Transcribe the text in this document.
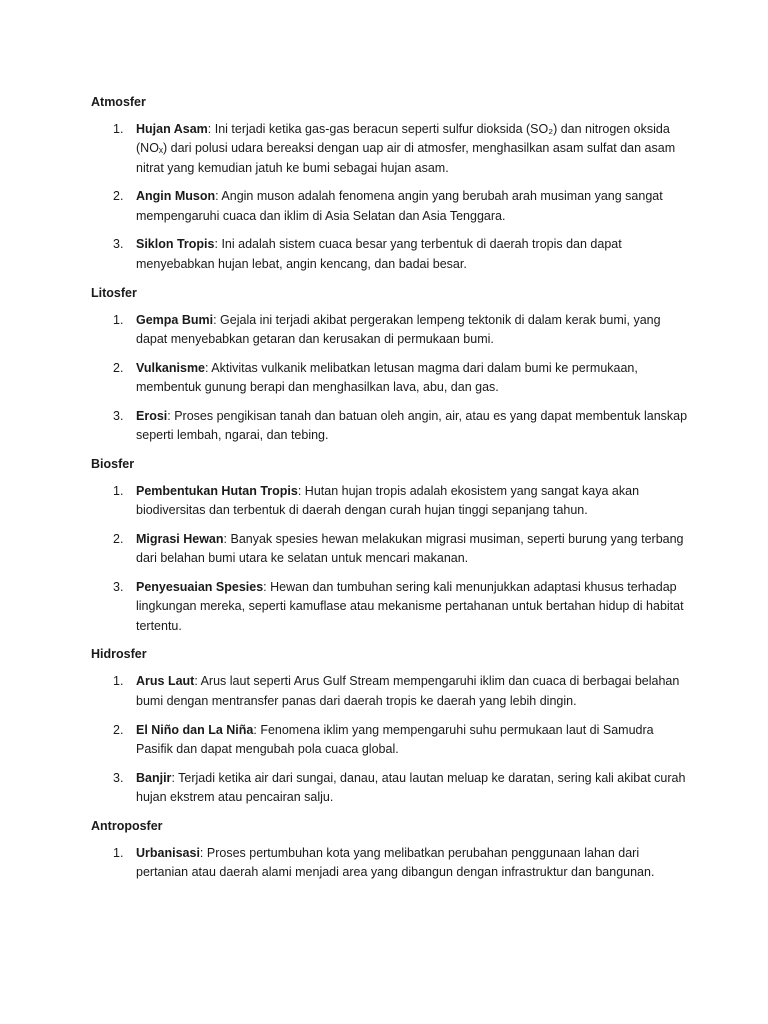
Atmosfer
1. Hujan Asam: Ini terjadi ketika gas-gas beracun seperti sulfur dioksida (SO₂) dan nitrogen oksida (NOₓ) dari polusi udara bereaksi dengan uap air di atmosfer, menghasilkan asam sulfat dan asam nitrat yang kemudian jatuh ke bumi sebagai hujan asam.
2. Angin Muson: Angin muson adalah fenomena angin yang berubah arah musiman yang sangat mempengaruhi cuaca dan iklim di Asia Selatan dan Asia Tenggara.
3. Siklon Tropis: Ini adalah sistem cuaca besar yang terbentuk di daerah tropis dan dapat menyebabkan hujan lebat, angin kencang, dan badai besar.
Litosfer
1. Gempa Bumi: Gejala ini terjadi akibat pergerakan lempeng tektonik di dalam kerak bumi, yang dapat menyebabkan getaran dan kerusakan di permukaan bumi.
2. Vulkanisme: Aktivitas vulkanik melibatkan letusan magma dari dalam bumi ke permukaan, membentuk gunung berapi dan menghasilkan lava, abu, dan gas.
3. Erosi: Proses pengikisan tanah dan batuan oleh angin, air, atau es yang dapat membentuk lanskap seperti lembah, ngarai, dan tebing.
Biosfer
1. Pembentukan Hutan Tropis: Hutan hujan tropis adalah ekosistem yang sangat kaya akan biodiversitas dan terbentuk di daerah dengan curah hujan tinggi sepanjang tahun.
2. Migrasi Hewan: Banyak spesies hewan melakukan migrasi musiman, seperti burung yang terbang dari belahan bumi utara ke selatan untuk mencari makanan.
3. Penyesuaian Spesies: Hewan dan tumbuhan sering kali menunjukkan adaptasi khusus terhadap lingkungan mereka, seperti kamuflase atau mekanisme pertahanan untuk bertahan hidup di habitat tertentu.
Hidrosfer
1. Arus Laut: Arus laut seperti Arus Gulf Stream mempengaruhi iklim dan cuaca di berbagai belahan bumi dengan mentransfer panas dari daerah tropis ke daerah yang lebih dingin.
2. El Niño dan La Niña: Fenomena iklim yang mempengaruhi suhu permukaan laut di Samudra Pasifik dan dapat mengubah pola cuaca global.
3. Banjir: Terjadi ketika air dari sungai, danau, atau lautan meluap ke daratan, sering kali akibat curah hujan ekstrem atau pencairan salju.
Antroposfer
1. Urbanisasi: Proses pertumbuhan kota yang melibatkan perubahan penggunaan lahan dari pertanian atau daerah alami menjadi area yang dibangun dengan infrastruktur dan bangunan.
